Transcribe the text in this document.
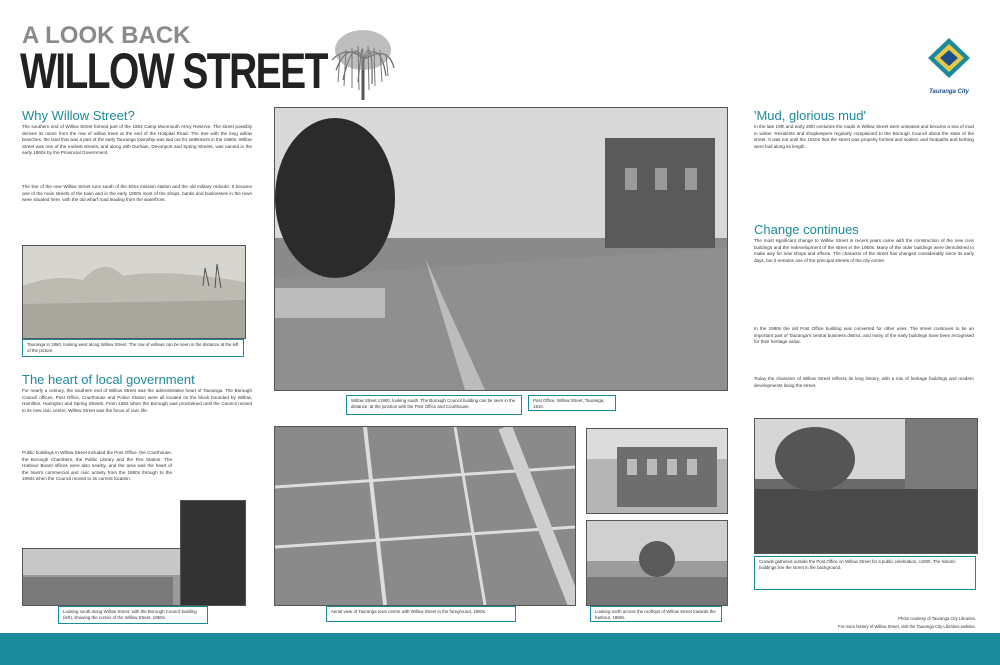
A LOOK BACK
WILLOW STREET	Tauranga City
Why Willow Street?
The southern end of Willow Street formed part of the 1864 Camp Monmouth Army Reserve. The street possibly derives its name from the row of willow trees at the end of the Hospital Road. The tree with the long willow branches, the land that was a part of the early Tauranga township was laid out for settlement in the 1860s. Willow Street was one of the earliest streets, and along with Durham, Devonport and Spring Streets, was named in the early 1860s by the Provincial Government.
The line of the new Willow Street runs south of the Elms mission station and the old military redoubt. It became one of the main streets of the town and in the early 1900s most of the shops, banks and businesses in the town were situated here, with the old wharf road leading from the waterfront.
Tauranga in 1860, looking west along Willow Street. The row of willows can be seen in the distance at the left of the picture.
The heart of local government
For nearly a century, the southern end of Willow Street was the administrative heart of Tauranga. The Borough Council offices, Post Office, Courthouse and Police Station were all located on the block bounded by Willow, Hamilton, Harington and Spring Streets. From 1882 when the Borough was proclaimed until the Council moved to its new civic centre, Willow Street was the focus of civic life.
Public buildings in Willow Street included the Post Office, the Courthouse, the Borough Chambers, the Public Library and the Fire Station. The Harbour Board offices were also nearby, and the area was the heart of the town's commercial and civic activity from the 1880s through to the 1960s when the Council moved to its current location.
Looking south along Willow Street, with the Borough Council building (left), showing the corner of the Willow Street, 1950s.
Willow Street c1900, looking south. The Borough Council building can be seen in the distance, at the junction with the Post Office and Courthouse.
Post Office, Willow Street, Tauranga, 1910.
Aerial view of Tauranga town centre with Willow Street in the foreground, 1950s.	Looking north across the rooftops of Willow Street towards the harbour, 1960s.
'Mud, glorious mud'
In the late 19th and early 20th centuries the roads in Willow Street were unsealed and became a sea of mud in winter. Residents and shopkeepers regularly complained to the Borough Council about the state of the street. It was not until the 1910s that the street was properly formed and sealed, and footpaths and kerbing were laid along its length.
Change continues
The most significant change to Willow Street in recent years came with the construction of the new civic buildings and the redevelopment of the street in the 1960s. Many of the older buildings were demolished to make way for new shops and offices. The character of the street has changed considerably since its early days, but it remains one of the principal streets of the city centre.
In the 1990s the old Post Office building was converted for other uses. The street continues to be an important part of Tauranga's central business district, and many of the early buildings have been recognised for their heritage value.
Today the character of Willow Street reflects its long history, with a mix of heritage buildings and modern developments lining the street.
Crowds gathered outside the Post Office on Willow Street for a public celebration, c1900. The historic buildings line the street in the background.
Photo courtesy of Tauranga City Libraries.
For more history of Willow Street, visit the Tauranga City Libraries website.
